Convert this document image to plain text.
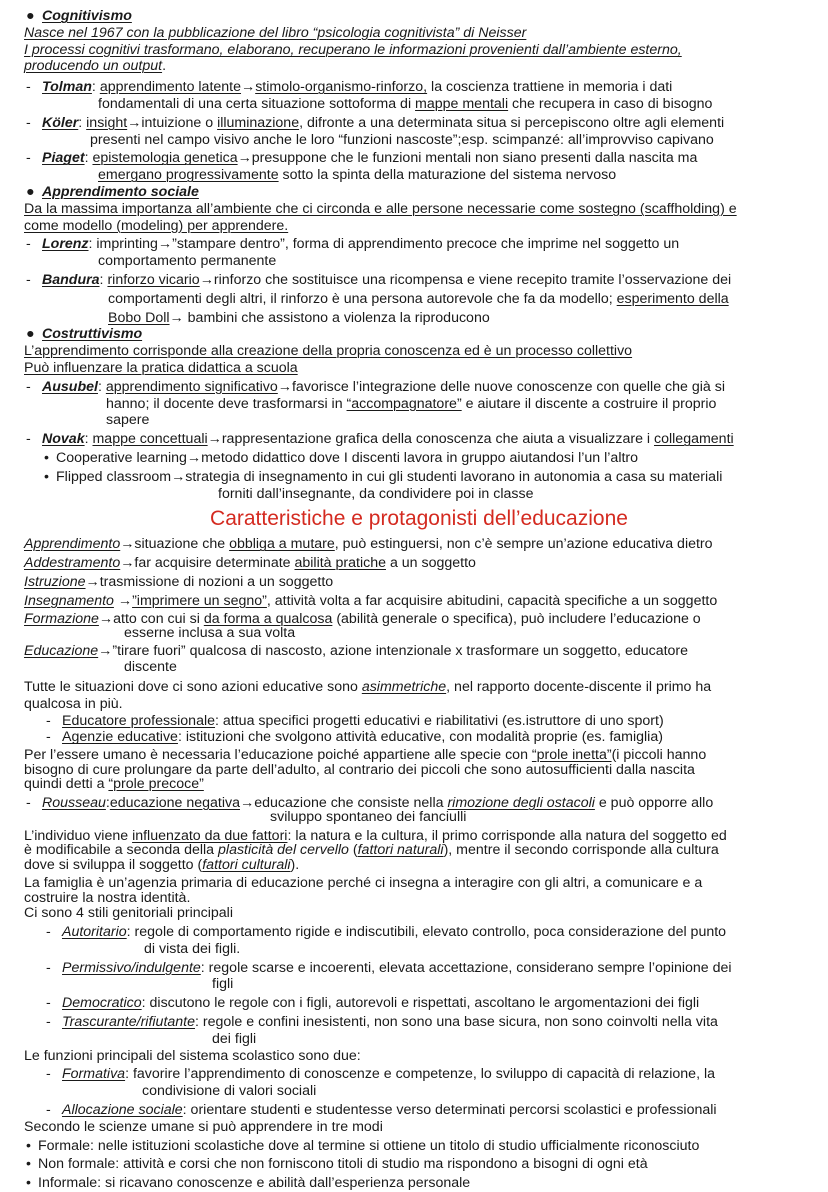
● Cognitivismo

Nasce nel 1967 con la pubblicazione del libro “psicologia cognitivista” di Neisser

I processi cognitivi trasformano, elaborano, recuperano le informazioni provenienti dall’ambiente esterno,

producendo un output.

- Tolman: apprendimento latente→stimolo-organismo-rinforzo, la coscienza trattiene in memoria i dati
fondamentali di una certa situazione sottoforma di mappe mentali che recupera in caso di bisogno
- Köler: insight→intuizione o illuminazione, difronte a una determinata situa si percepiscono oltre agli elementi
presenti nel campo visivo anche le loro “funzioni nascoste”;esp. scimpanzé: all’improvviso capivano
- Piaget: epistemologia genetica→presuppone che le funzioni mentali non siano presenti dalla nascita ma
emergano progressivamente sotto la spinta della maturazione del sistema nervoso

● Apprendimento sociale

Da la massima importanza all’ambiente che ci circonda e alle persone necessarie come sostegno (scaffholding) e

come modello (modeling) per apprendere.

- Lorenz: imprinting→”stampare dentro”, forma di apprendimento precoce che imprime nel soggetto un
comportamento permanente
- Bandura: rinforzo vicario→rinforzo che sostituisce una ricompensa e viene recepito tramite l’osservazione dei
comportamenti degli altri, il rinforzo è una persona autorevole che fa da modello; esperimento della
Bobo Doll→ bambini che assistono a violenza la riproducono

● Costruttivismo

L’apprendimento corrisponde alla creazione della propria conoscenza ed è un processo collettivo

Può influenzare la pratica didattica a scuola

- Ausubel: apprendimento significativo→favorisce l’integrazione delle nuove conoscenze con quelle che già si
hanno; il docente deve trasformarsi in “accompagnatore” e aiutare il discente a costruire il proprio
sapere
- Novak: mappe concettuali→rappresentazione grafica della conoscenza che aiuta a visualizzare i collegamenti
• Cooperative learning→metodo didattico dove I discenti lavora in gruppo aiutandosi l’un l’altro
• Flipped classroom→strategia di insegnamento in cui gli studenti lavorano in autonomia a casa su materiali
forniti dall’insegnante, da condividere poi in classe
Caratteristiche e protagonisti dell’educazione
Apprendimento→situazione che obbliga a mutare, può estinguersi, non c’è sempre un’azione educativa dietro
Addestramento→far acquisire determinate abilità pratiche a un soggetto
Istruzione→trasmissione di nozioni a un soggetto
Insegnamento →”imprimere un segno”, attività volta a far acquisire abitudini, capacità specifiche a un soggetto
Formazione→atto con cui si da forma a qualcosa (abilità generale o specifica), può includere l’educazione o
esserne inclusa a sua volta
Educazione→”tirare fuori” qualcosa di nascosto, azione intenzionale x trasformare un soggetto, educatore
discente
Tutte le situazioni dove ci sono azioni educative sono asimmetriche, nel rapporto docente-discente il primo ha
qualcosa in più.
- Educatore professionale: attua specifici progetti educativi e riabilitativi (es.istruttore di uno sport)
- Agenzie educative: istituzioni che svolgono attività educative, con modalità proprie (es. famiglia)
Per l’essere umano è necessaria l’educazione poiché appartiene alle specie con “prole inetta”(i piccoli hanno
bisogno di cure prolungare da parte dell’adulto, al contrario dei piccoli che sono autosufficienti dalla nascita
quindi detti a “prole precoce”
- Rousseau:educazione negativa→educazione che consiste nella rimozione degli ostacoli e può opporre allo
sviluppo spontaneo dei fanciulli
L’individuo viene influenzato da due fattori: la natura e la cultura, il primo corrisponde alla natura del soggetto ed
è modificabile a seconda della plasticità del cervello (fattori naturali), mentre il secondo corrisponde alla cultura
dove si sviluppa il soggetto (fattori culturali).
La famiglia è un’agenzia primaria di educazione perché ci insegna a interagire con gli altri, a comunicare e a
costruire la nostra identità.
Ci sono 4 stili genitoriali principali
- Autoritario: regole di comportamento rigide e indiscutibili, elevato controllo, poca considerazione del punto
di vista dei figli.
- Permissivo/indulgente: regole scarse e incoerenti, elevata accettazione, considerano sempre l’opinione dei
figli
- Democratico: discutono le regole con i figli, autorevoli e rispettati, ascoltano le argomentazioni dei figli
- Trascurante/rifiutante: regole e confini inesistenti, non sono una base sicura, non sono coinvolti nella vita
dei figli
Le funzioni principali del sistema scolastico sono due:
- Formativa: favorire l’apprendimento di conoscenze e competenze, lo sviluppo di capacità di relazione, la
condivisione di valori sociali
- Allocazione sociale: orientare studenti e studentesse verso determinati percorsi scolastici e professionali
Secondo le scienze umane si può apprendere in tre modi
• Formale: nelle istituzioni scolastiche dove al termine si ottiene un titolo di studio ufficialmente riconosciuto
• Non formale: attività e corsi che non forniscono titoli di studio ma rispondono a bisogni di ogni età
• Informale: si ricavano conoscenze e abilità dall’esperienza personale
